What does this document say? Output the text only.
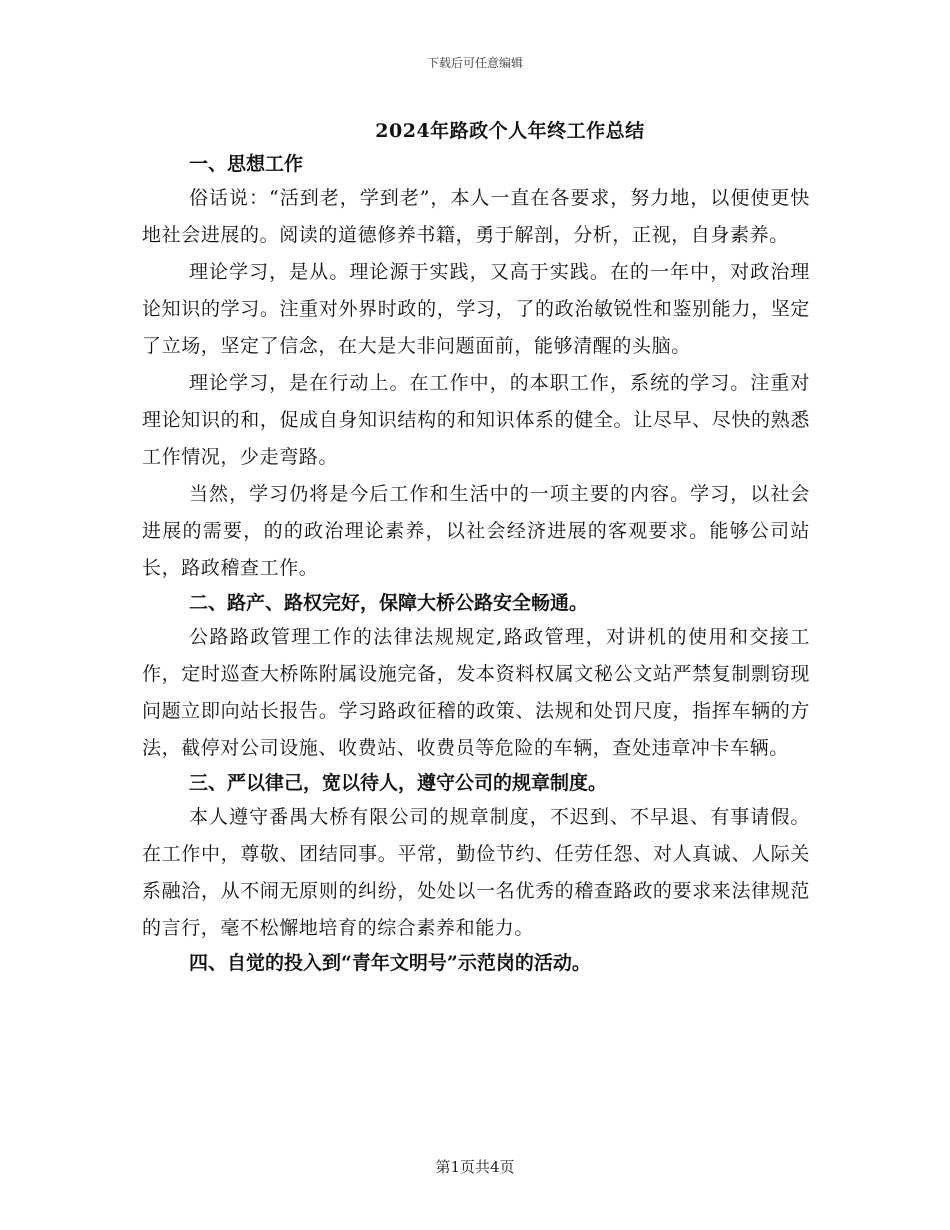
下载后可任意编辑
2024年路政个人年终工作总结

一、思想工作

俗话说：“活到老，学到老”，本人一直在各要求，努力地，以便使更快地社会进展的。阅读的道德修养书籍，勇于解剖，分析，正视，自身素养。

理论学习，是从。理论源于实践，又高于实践。在的一年中，对政治理论知识的学习。注重对外界时政的，学习，了的政治敏锐性和鉴别能力，坚定了立场，坚定了信念，在大是大非问题面前，能够清醒的头脑。

理论学习，是在行动上。在工作中，的本职工作，系统的学习。注重对理论知识的和，促成自身知识结构的和知识体系的健全。让尽早、尽快的熟悉工作情况，少走弯路。

当然，学习仍将是今后工作和生活中的一项主要的内容。学习，以社会进展的需要，的的政治理论素养，以社会经济进展的客观要求。能够公司站长，路政稽查工作。

二、路产、路权完好，保障大桥公路安全畅通。

公路路政管理工作的法律法规规定,路政管理，对讲机的使用和交接工作，定时巡查大桥陈附属设施完备，发本资料权属文秘公文站严禁复制剽窃现问题立即向站长报告。学习路政征稽的政策、法规和处罚尺度，指挥车辆的方法，截停对公司设施、收费站、收费员等危险的车辆，查处违章冲卡车辆。

三、严以律己，宽以待人，遵守公司的规章制度。

本人遵守番禺大桥有限公司的规章制度，不迟到、不早退、有事请假。在工作中，尊敬、团结同事。平常，勤俭节约、任劳任怨、对人真诚、人际关系融洽，从不闹无原则的纠纷，处处以一名优秀的稽查路政的要求来法律规范的言行，毫不松懈地培育的综合素养和能力。

四、自觉的投入到“青年文明号”示范岗的活动。

第1页共4页
